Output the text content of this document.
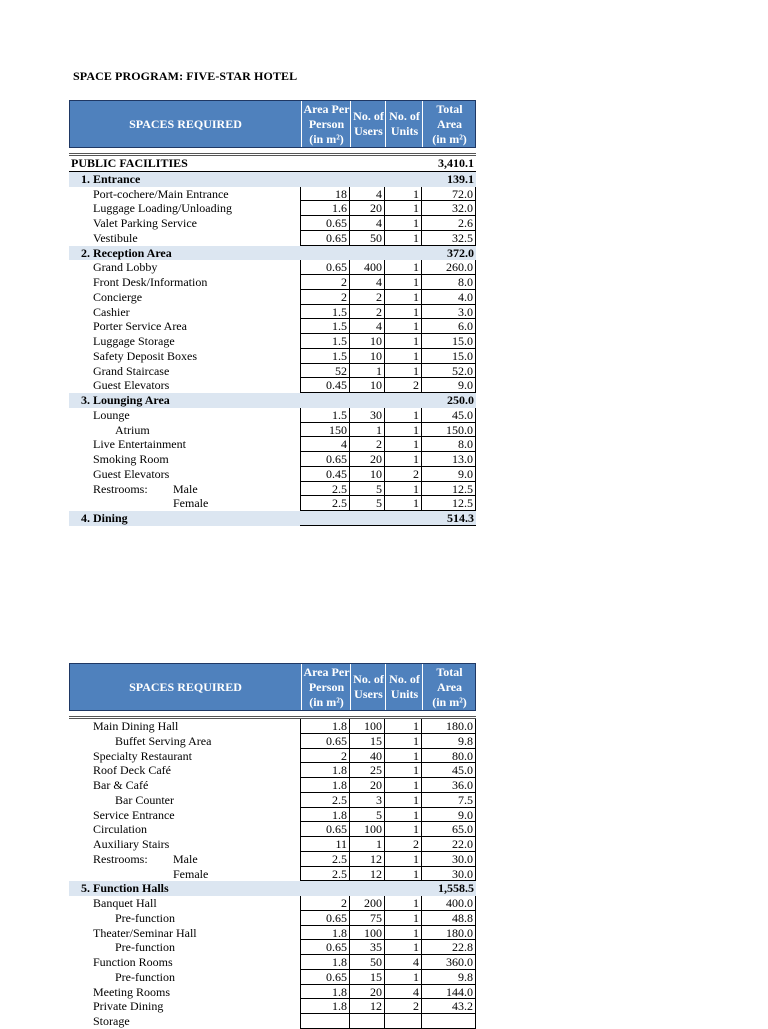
SPACE PROGRAM: FIVE-STAR HOTEL
SPACES REQUIRED
Area Per
Person
(in m²)
No. of
Users
No. of
Units
Total
Area
(in m²)
PUBLIC FACILITIES	3,410.1
1. Entrance	139.1
Port-cochere/Main Entrance	18	4	1	72.0
Luggage Loading/Unloading	1.6	20	1	32.0
Valet Parking Service	0.65	4	1	2.6
Vestibule	0.65	50	1	32.5
2. Reception Area	372.0
Grand Lobby	0.65	400	1	260.0
Front Desk/Information	2	4	1	8.0
Concierge	2	2	1	4.0
Cashier	1.5	2	1	3.0
Porter Service Area	1.5	4	1	6.0
Luggage Storage	1.5	10	1	15.0
Safety Deposit Boxes	1.5	10	1	15.0
Grand Staircase	52	1	1	52.0
Guest Elevators	0.45	10	2	9.0
3. Lounging Area	250.0
Lounge	1.5	30	1	45.0
Atrium	150	1	1	150.0
Live Entertainment	4	2	1	8.0
Smoking Room	0.65	20	1	13.0
Guest Elevators	0.45	10	2	9.0
Restrooms: Male	2.5	5	1	12.5
Female	2.5	5	1	12.5
4. Dining	514.3
SPACES REQUIRED
Area Per
Person
(in m²)
No. of
Users
No. of
Units
Total
Area
(in m²)
Main Dining Hall	1.8	100	1	180.0
Buffet Serving Area	0.65	15	1	9.8
Specialty Restaurant	2	40	1	80.0
Roof Deck Café	1.8	25	1	45.0
Bar & Café	1.8	20	1	36.0
Bar Counter	2.5	3	1	7.5
Service Entrance	1.8	5	1	9.0
Circulation	0.65	100	1	65.0
Auxiliary Stairs	11	1	2	22.0
Restrooms: Male	2.5	12	1	30.0
Female	2.5	12	1	30.0
5. Function Halls	1,558.5
Banquet Hall	2	200	1	400.0
Pre-function	0.65	75	1	48.8
Theater/Seminar Hall	1.8	100	1	180.0
Pre-function	0.65	35	1	22.8
Function Rooms	1.8	50	4	360.0
Pre-function	0.65	15	1	9.8
Meeting Rooms	1.8	20	4	144.0
Private Dining	1.8	12	2	43.2
Storage
